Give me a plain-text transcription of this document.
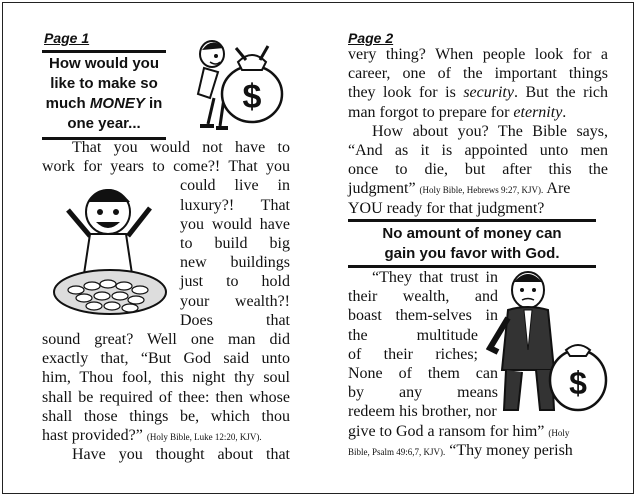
Page 1
How would you
like to make so
much MONEY in
one year...
$
That you would not have to
work for years to come?! That you
could live in
luxury?! That
you would have
to build big
new buildings
just to hold
your wealth?!
Does that
sound great? Well one man did
exactly that, “But God said unto
him, Thou fool, this night thy soul
shall be required of thee: then whose
shall those things be, which thou
hast provided?” (Holy Bible, Luke 12:20, KJV).
Have you thought about that
Page 2
very thing? When people look for a
career, one of the important things
they look for is security. But the rich
man forgot to prepare for eternity.
How about you? The Bible says,
“And as it is appointed unto men
once to die, but after this the
judgment” (Holy Bible, Hebrews 9:27, KJV). Are
YOU ready for that judgment?
“They that trust in
their wealth, and
boast them-selves in
the multitude
of their riches;
None of them can
by any means
redeem his brother, nor
give to God a ransom for him” (Holy
Bible, Psalm 49:6,7, KJV). “Thy money perish
No amount of money can
gain you favor with God.
$
